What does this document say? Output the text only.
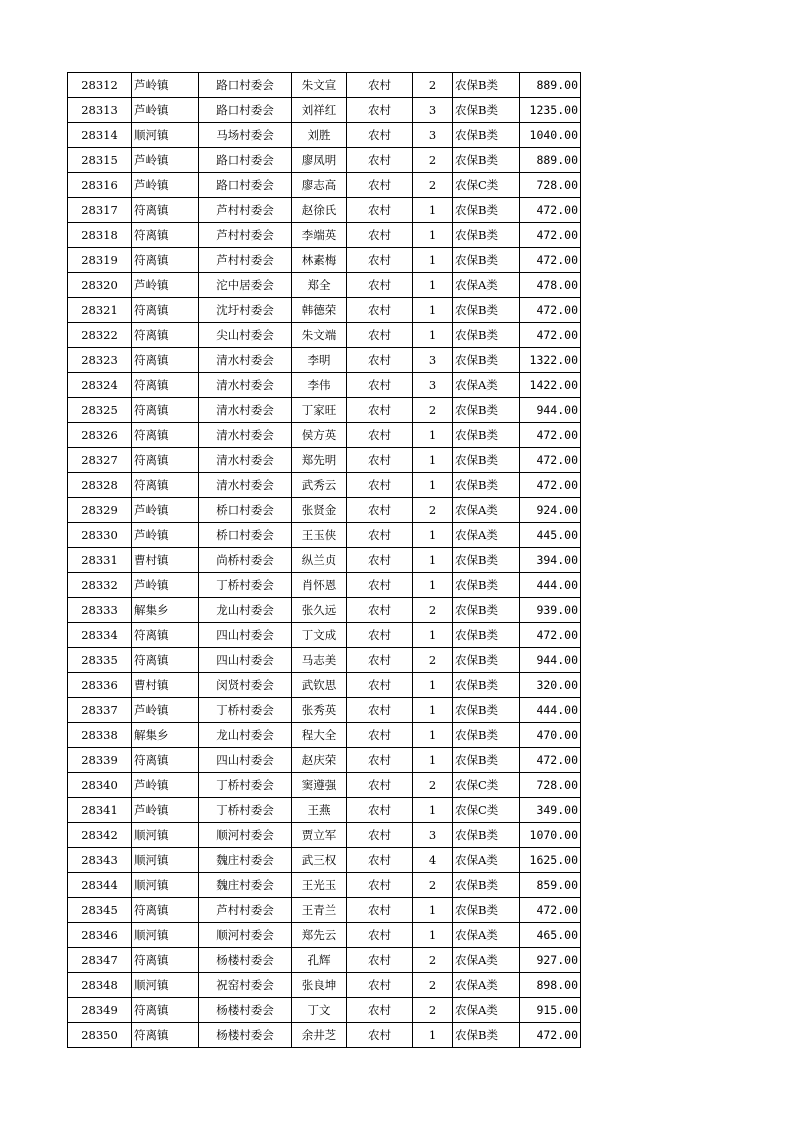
28312	芦岭镇	路口村委会	朱文宣	农村	2	农保B类	889.00
28313	芦岭镇	路口村委会	刘祥红	农村	3	农保B类	1235.00
28314	顺河镇	马场村委会	刘胜	农村	3	农保B类	1040.00
28315	芦岭镇	路口村委会	廖凤明	农村	2	农保B类	889.00
28316	芦岭镇	路口村委会	廖志高	农村	2	农保C类	728.00
28317	符离镇	芦村村委会	赵徐氏	农村	1	农保B类	472.00
28318	符离镇	芦村村委会	李端英	农村	1	农保B类	472.00
28319	符离镇	芦村村委会	林素梅	农村	1	农保B类	472.00
28320	芦岭镇	沱中居委会	郑全	农村	1	农保A类	478.00
28321	符离镇	沈圩村委会	韩德荣	农村	1	农保B类	472.00
28322	符离镇	尖山村委会	朱文端	农村	1	农保B类	472.00
28323	符离镇	清水村委会	李明	农村	3	农保B类	1322.00
28324	符离镇	清水村委会	李伟	农村	3	农保A类	1422.00
28325	符离镇	清水村委会	丁家旺	农村	2	农保B类	944.00
28326	符离镇	清水村委会	侯方英	农村	1	农保B类	472.00
28327	符离镇	清水村委会	郑先明	农村	1	农保B类	472.00
28328	符离镇	清水村委会	武秀云	农村	1	农保B类	472.00
28329	芦岭镇	桥口村委会	张贤金	农村	2	农保A类	924.00
28330	芦岭镇	桥口村委会	王玉侠	农村	1	农保A类	445.00
28331	曹村镇	尚桥村委会	纵兰贞	农村	1	农保B类	394.00
28332	芦岭镇	丁桥村委会	肖怀恩	农村	1	农保B类	444.00
28333	解集乡	龙山村委会	张久远	农村	2	农保B类	939.00
28334	符离镇	四山村委会	丁文成	农村	1	农保B类	472.00
28335	符离镇	四山村委会	马志美	农村	2	农保B类	944.00
28336	曹村镇	闵贤村委会	武钦思	农村	1	农保B类	320.00
28337	芦岭镇	丁桥村委会	张秀英	农村	1	农保B类	444.00
28338	解集乡	龙山村委会	程大全	农村	1	农保B类	470.00
28339	符离镇	四山村委会	赵庆荣	农村	1	农保B类	472.00
28340	芦岭镇	丁桥村委会	窦遵强	农村	2	农保C类	728.00
28341	芦岭镇	丁桥村委会	王燕	农村	1	农保C类	349.00
28342	顺河镇	顺河村委会	贾立军	农村	3	农保B类	1070.00
28343	顺河镇	魏庄村委会	武三权	农村	4	农保A类	1625.00
28344	顺河镇	魏庄村委会	王光玉	农村	2	农保B类	859.00
28345	符离镇	芦村村委会	王青兰	农村	1	农保B类	472.00
28346	顺河镇	顺河村委会	郑先云	农村	1	农保A类	465.00
28347	符离镇	杨楼村委会	孔辉	农村	2	农保A类	927.00
28348	顺河镇	祝窑村委会	张良坤	农村	2	农保A类	898.00
28349	符离镇	杨楼村委会	丁文	农村	2	农保A类	915.00
28350	符离镇	杨楼村委会	余井芝	农村	1	农保B类	472.00
